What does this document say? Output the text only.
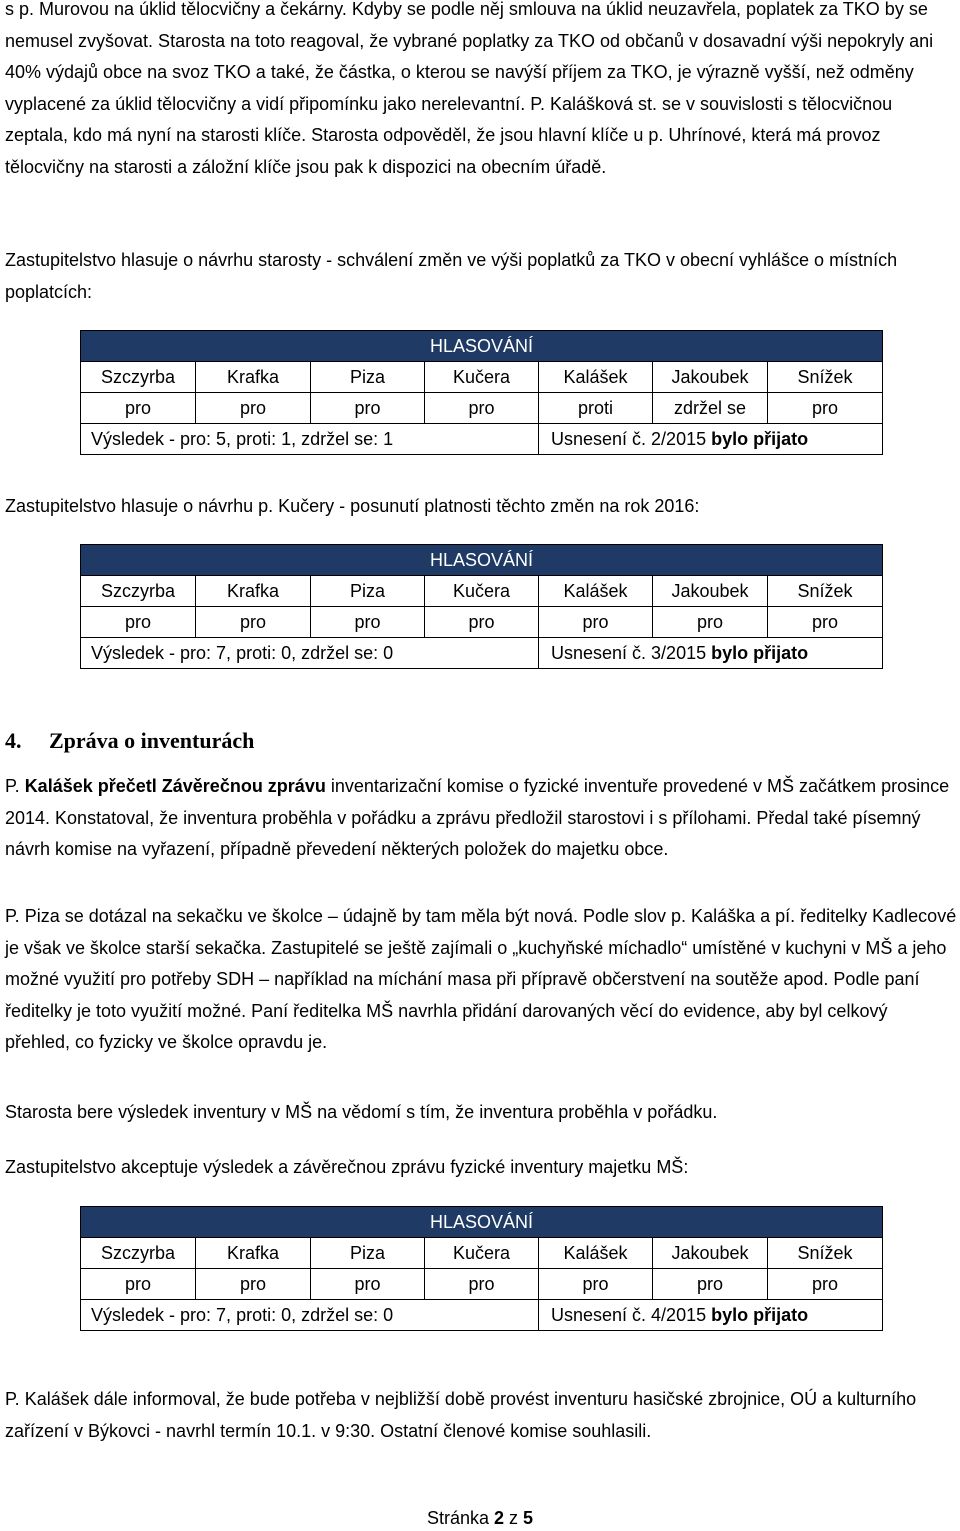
s p. Murovou na úklid tělocvičny a čekárny. Kdyby se podle něj smlouva na úklid neuzavřela, poplatek za TKO by se nemusel zvyšovat. Starosta na toto reagoval, že vybrané poplatky za TKO od občanů v dosavadní výši nepokryly ani 40% výdajů obce na svoz TKO a také, že částka, o kterou se navýší příjem za TKO, je výrazně vyšší, než odměny vyplacené za úklid tělocvičny a vidí připomínku jako nerelevantní. P. Kalášková st. se v souvislosti s tělocvičnou zeptala, kdo má nyní na starosti klíče. Starosta odpověděl, že jsou hlavní klíče u p. Uhrínové, která má provoz tělocvičny na starosti a záložní klíče jsou pak k dispozici na obecním úřadě.

Zastupitelstvo hlasuje o návrhu starosty - schválení změn ve výši poplatků za TKO v obecní vyhlášce o místních poplatcích:

HLASOVÁNÍ						
Szczyrba	Krafka	Piza	Kučera	Kalášek	Jakoubek	Snížek
pro	pro	pro	pro	proti	zdržel se	pro
Výsledek - pro: 5, proti: 1, zdržel se: 1				Usnesení č. 2/2015 bylo přijato		

Zastupitelstvo hlasuje o návrhu p. Kučery - posunutí platnosti těchto změn na rok 2016:

HLASOVÁNÍ						
Szczyrba	Krafka	Piza	Kučera	Kalášek	Jakoubek	Snížek
pro	pro	pro	pro	pro	pro	pro
Výsledek - pro: 7, proti: 0, zdržel se: 0				Usnesení č. 3/2015 bylo přijato		
4. Zpráva o inventurách

P. Kalášek přečetl Závěrečnou zprávu inventarizační komise o fyzické inventuře provedené v MŠ začátkem prosince 2014. Konstatoval, že inventura proběhla v pořádku a zprávu předložil starostovi i s přílohami. Předal také písemný návrh komise na vyřazení, případně převedení některých položek do majetku obce.

P. Piza se dotázal na sekačku ve školce – údajně by tam měla být nová. Podle slov p. Kaláška a pí. ředitelky Kadlecové je však ve školce starší sekačka. Zastupitelé se ještě zajímali o „kuchyňské míchadlo“ umístěné v kuchyni v MŠ a jeho možné využití pro potřeby SDH – například na míchání masa při přípravě občerstvení na soutěže apod. Podle paní ředitelky je toto využití možné. Paní ředitelka MŠ navrhla přidání darovaných věcí do evidence, aby byl celkový přehled, co fyzicky ve školce opravdu je.

Starosta bere výsledek inventury v MŠ na vědomí s tím, že inventura proběhla v pořádku.

Zastupitelstvo akceptuje výsledek a závěrečnou zprávu fyzické inventury majetku MŠ:

HLASOVÁNÍ						
Szczyrba	Krafka	Piza	Kučera	Kalášek	Jakoubek	Snížek
pro	pro	pro	pro	pro	pro	pro
Výsledek - pro: 7, proti: 0, zdržel se: 0				Usnesení č. 4/2015 bylo přijato		

P. Kalášek dále informoval, že bude potřeba v nejbližší době provést inventuru hasičské zbrojnice, OÚ a kulturního zařízení v Býkovci - navrhl termín 10.1. v 9:30. Ostatní členové komise souhlasili.

Stránka 2 z 5
